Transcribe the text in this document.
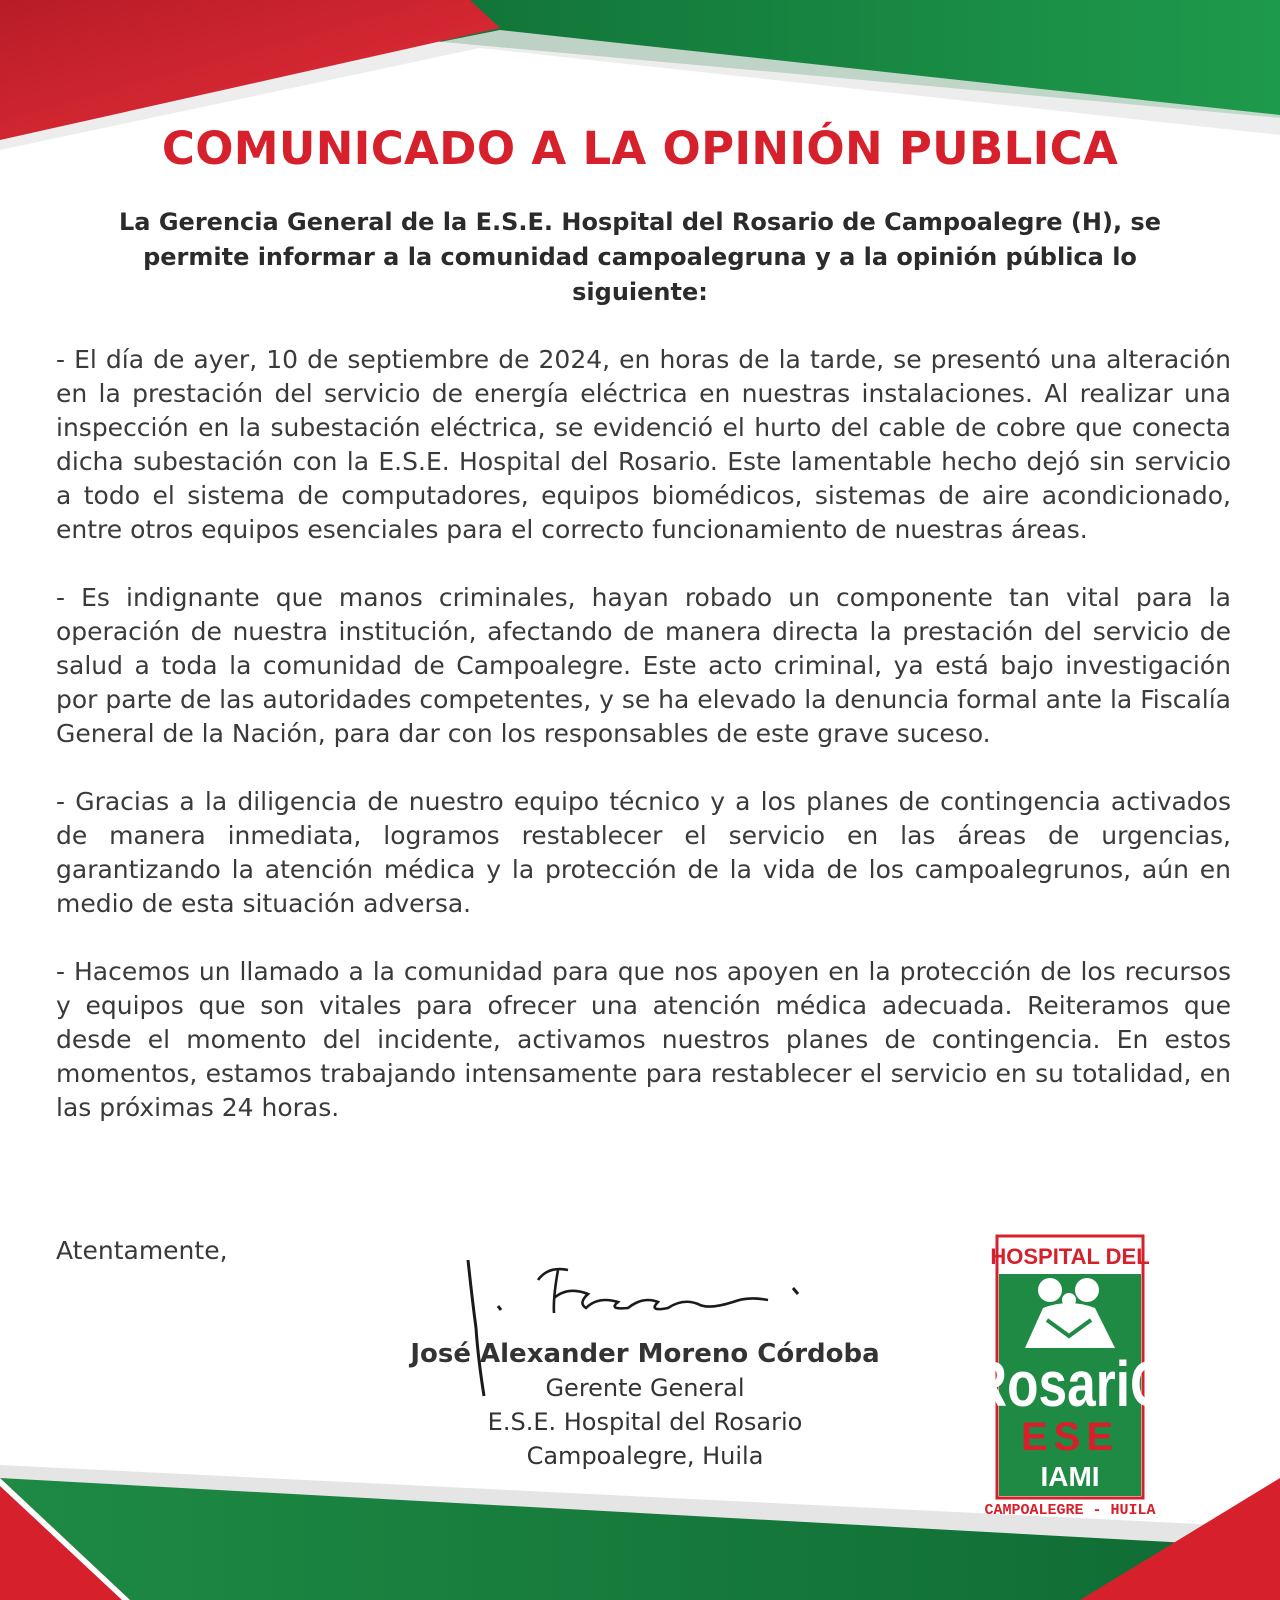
COMUNICADO A LA OPINIÓN PUBLICA
La Gerencia General de la E.S.E. Hospital del Rosario de Campoalegre (H), se permite informar a la comunidad campoalegruna y a la opinión pública lo siguiente:

- El día de ayer, 10 de septiembre de 2024, en horas de la tarde, se presentó una alteración en la prestación del servicio de energía eléctrica en nuestras instalaciones. Al realizar una inspección en la subestación eléctrica, se evidenció el hurto del cable de cobre que conecta dicha subestación con la E.S.E. Hospital del Rosario. Este lamentable hecho dejó sin servicio a todo el sistema de computadores, equipos biomédicos, sistemas de aire acondicionado, entre otros equipos esenciales para el correcto funcionamiento de nuestras áreas.

- Es indignante que manos criminales, hayan robado un componente tan vital para la operación de nuestra institución, afectando de manera directa la prestación del servicio de salud a toda la comunidad de Campoalegre. Este acto criminal, ya está bajo investigación por parte de las autoridades competentes, y se ha elevado la denuncia formal ante la Fiscalía General de la Nación, para dar con los responsables de este grave suceso.

- Gracias a la diligencia de nuestro equipo técnico y a los planes de contingencia activados de manera inmediata, logramos restablecer el servicio en las áreas de urgencias, garantizando la atención médica y la protección de la vida de los campoalegrunos, aún en medio de esta situación adversa.

- Hacemos un llamado a la comunidad para que nos apoyen en la protección de los recursos y equipos que son vitales para ofrecer una atención médica adecuada. Reiteramos que desde el momento del incidente, activamos nuestros planes de contingencia. En estos momentos, estamos trabajando intensamente para restablecer el servicio en su totalidad, en las próximas 24 horas.

Atentamente,
José Alexander Moreno Córdoba
Gerente General
E.S.E. Hospital del Rosario
Campoalegre, Huila
HOSPITAL DEL
RosariO
ESE
IAMI
CAMPOALEGRE - HUILA
